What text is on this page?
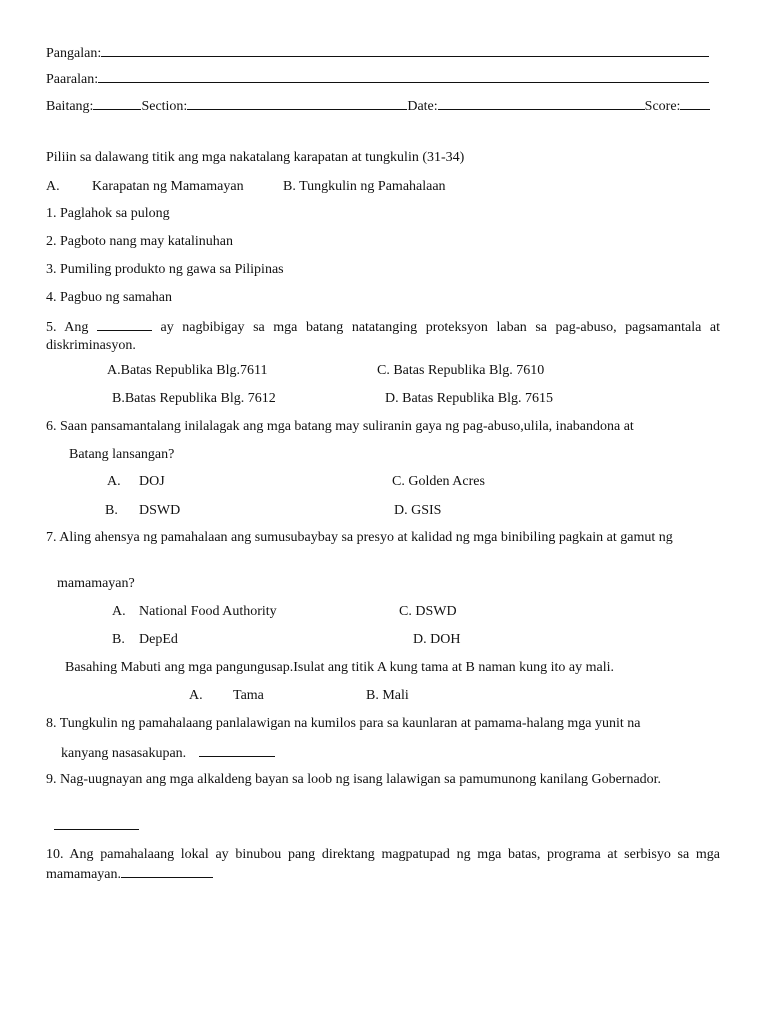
Pangalan:
Paaralan:
Baitang:	Section:	Date:	Score:
Piliin sa dalawang titik ang mga nakatalang karapatan at tungkulin (31-34)
A. Karapatan ng Mamamayan	B. Tungkulin ng Pamahalaan
1. Paglahok sa pulong
2. Pagboto nang may katalinuhan
3. Pumiling produkto ng gawa sa Pilipinas
4. Pagbuo ng samahan
5. Ang	ay nagbibigay sa mga batang natatanging proteksyon laban sa pag-abuso, pagsamantala at diskriminasyon.
A.Batas Republika Blg.7611	C. Batas Republika Blg. 7610
B.Batas Republika Blg. 7612	D. Batas Republika Blg. 7615
6. Saan pansamantalang inilalagak ang mga batang may suliranin gaya ng pag-abuso,ulila, inabandona at
Batang lansangan?
A. DOJ	C. Golden Acres
B. DSWD	D. GSIS
7. Aling ahensya ng pamahalaan ang sumusubaybay sa presyo at kalidad ng mga binibiling pagkain at gamut ng
mamamayan?
A. National Food Authority	C. DSWD
B. DepEd	D. DOH
Basahing Mabuti ang mga pangungusap.Isulat ang titik A kung tama at B naman kung ito ay mali.
A. Tama	B. Mali
8. Tungkulin ng pamahalaang panlalawigan na kumilos para sa kaunlaran at pamama-halang mga yunit na
kanyang nasasakupan.
9. Nag-uugnayan ang mga alkaldeng bayan sa loob ng isang lalawigan sa pamumunong kanilang Gobernador.
10. Ang pamahalaang lokal ay binubou pang direktang magpatupad ng mga batas, programa at serbisyo sa mga mamamayan.
